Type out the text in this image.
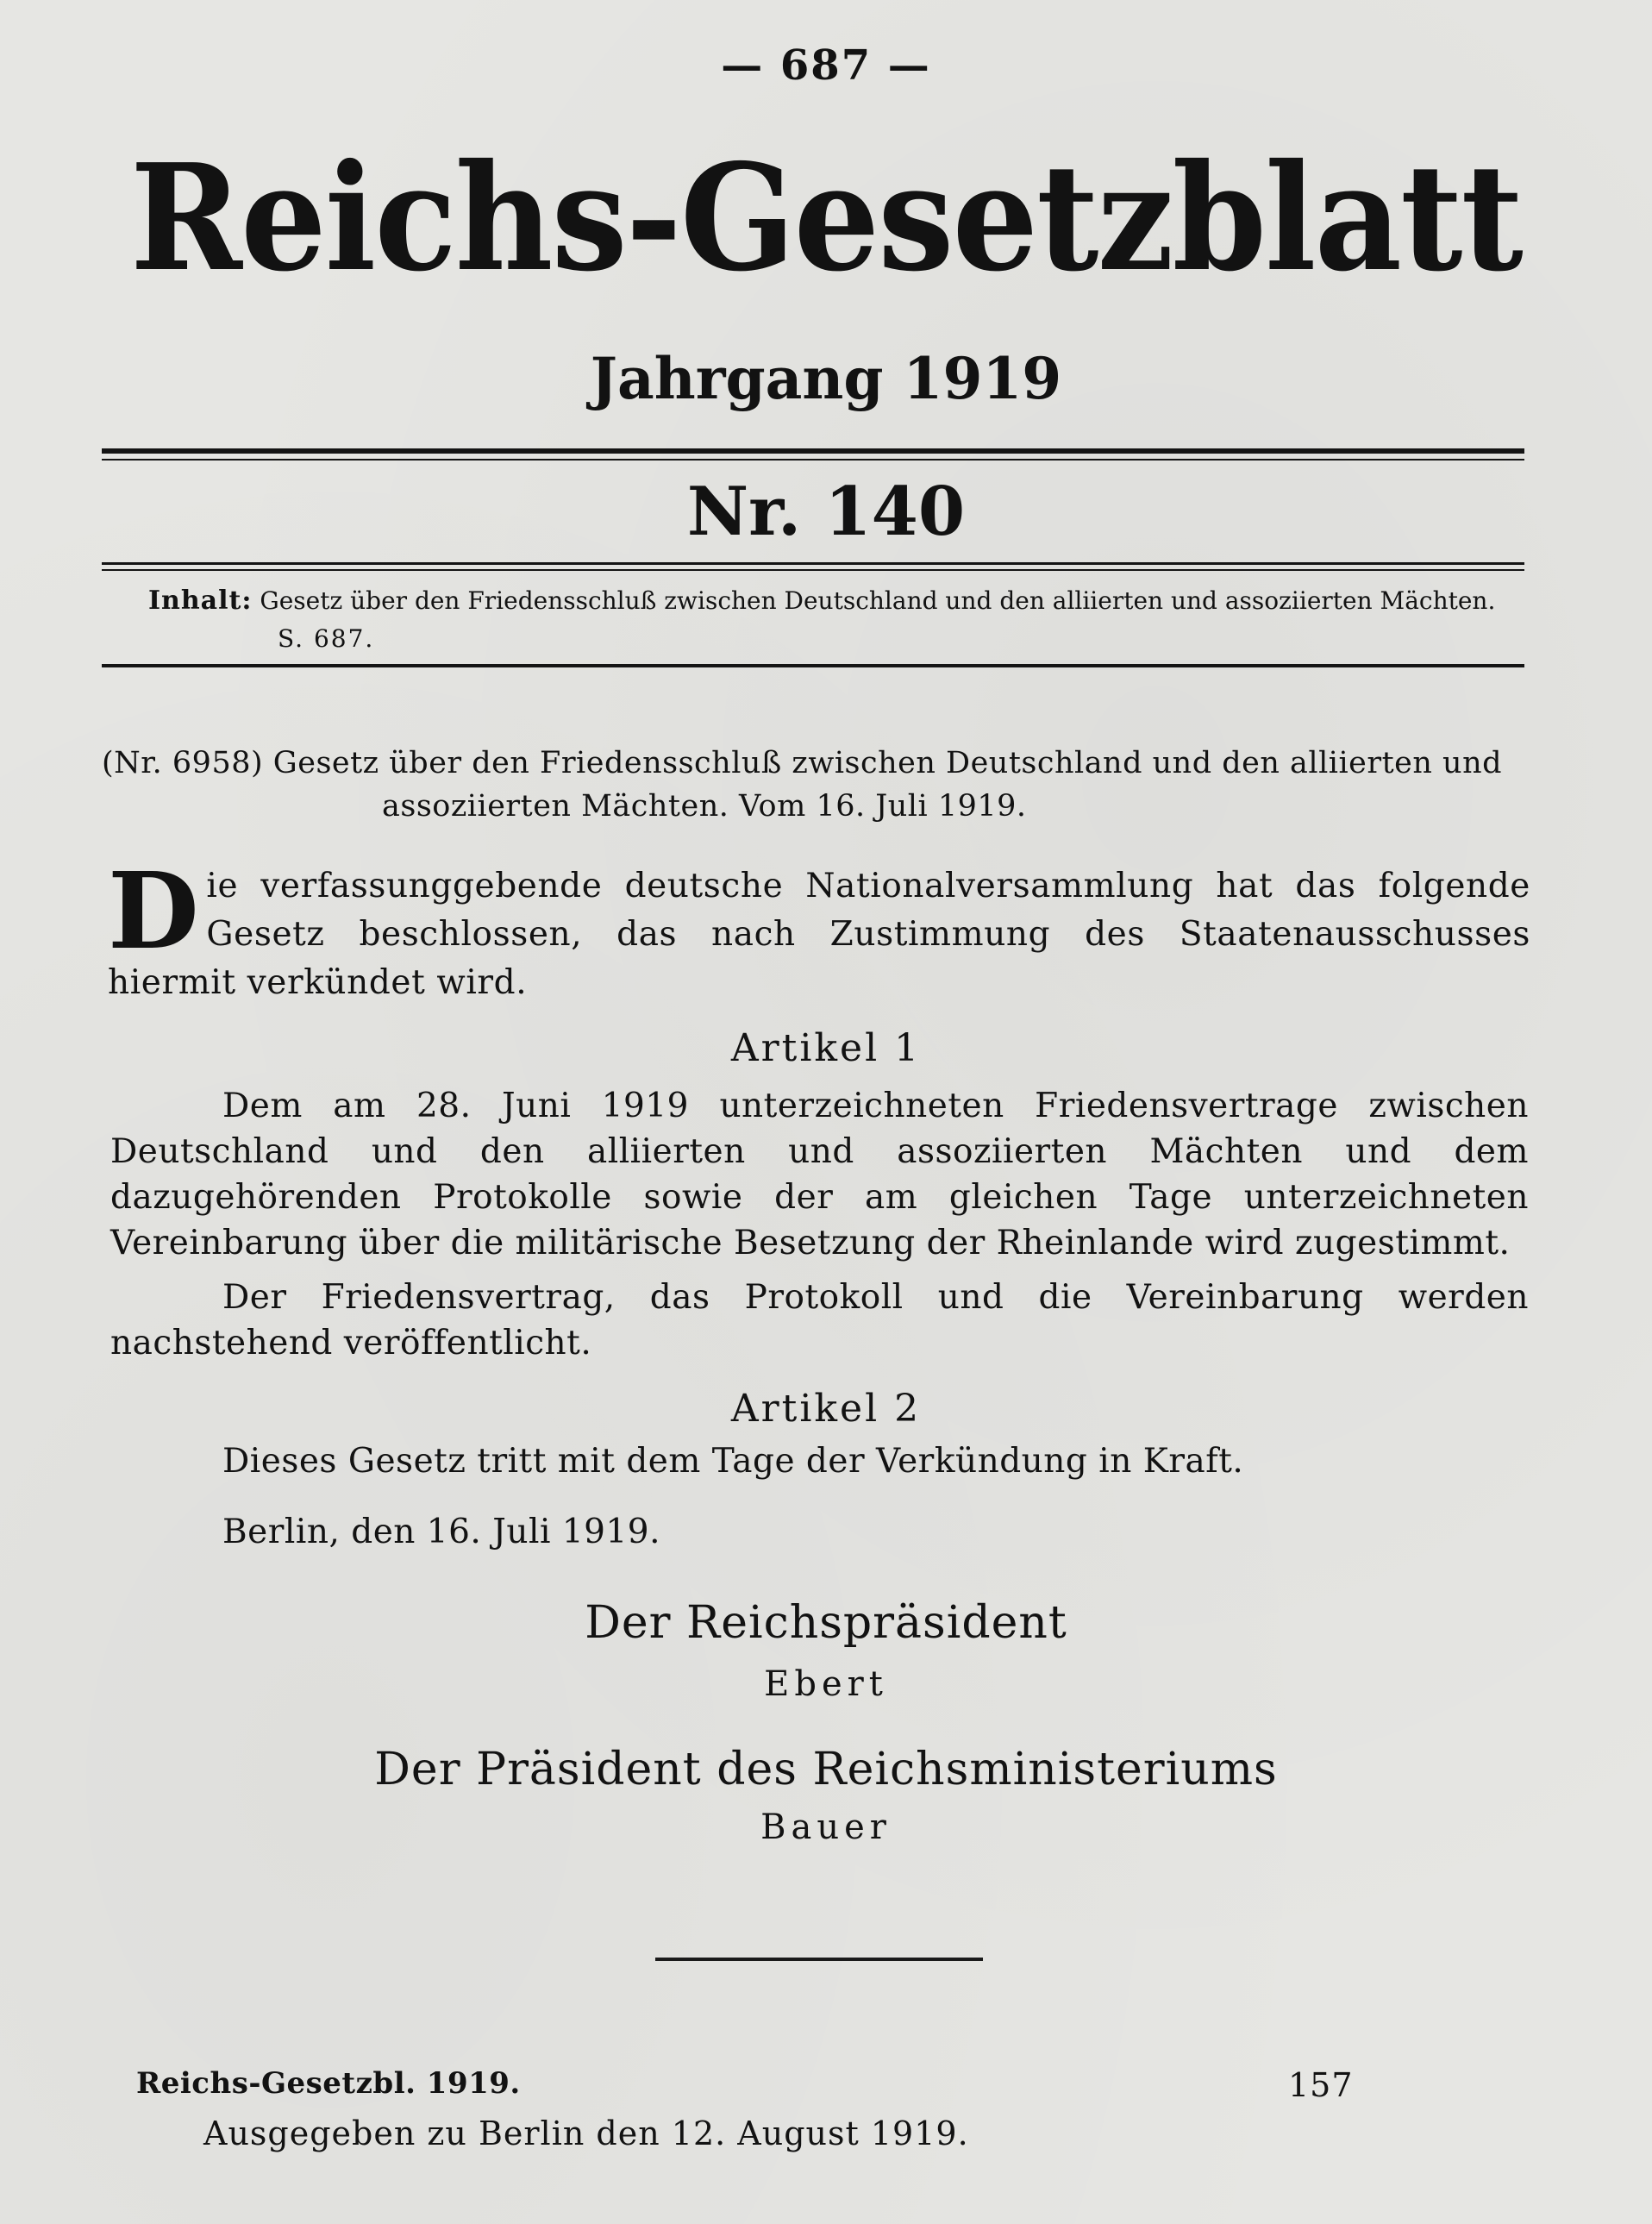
— 687 —
Reichs-Gesetzblatt
Jahrgang 1919
Nr. 140
Inhalt: Gesetz über den Friedensschluß zwischen Deutschland und den alliierten und assoziierten Mächten.
S. 687.
(Nr. 6958) Gesetz über den Friedensschluß zwischen Deutschland und den alliierten und
assoziierten Mächten. Vom 16. Juli 1919.
Die verfassunggebende deutsche Nationalversammlung hat das folgende Gesetz beschlossen, das nach Zustimmung des Staatenausschusses hiermit verkündet wird.
Artikel 1
Dem am 28. Juni 1919 unterzeichneten Friedensvertrage zwischen Deutschland und den alliierten und assoziierten Mächten und dem dazugehörenden Protokolle sowie der am gleichen Tage unterzeichneten Vereinbarung über die militärische Besetzung der Rheinlande wird zugestimmt.
Der Friedensvertrag, das Protokoll und die Vereinbarung werden nachstehend veröffentlicht.
Artikel 2
Dieses Gesetz tritt mit dem Tage der Verkündung in Kraft.
Berlin, den 16. Juli 1919.
Der Reichspräsident
Ebert
Der Präsident des Reichsministeriums
Bauer
Reichs-Gesetzbl. 1919.	157
Ausgegeben zu Berlin den 12. August 1919.
